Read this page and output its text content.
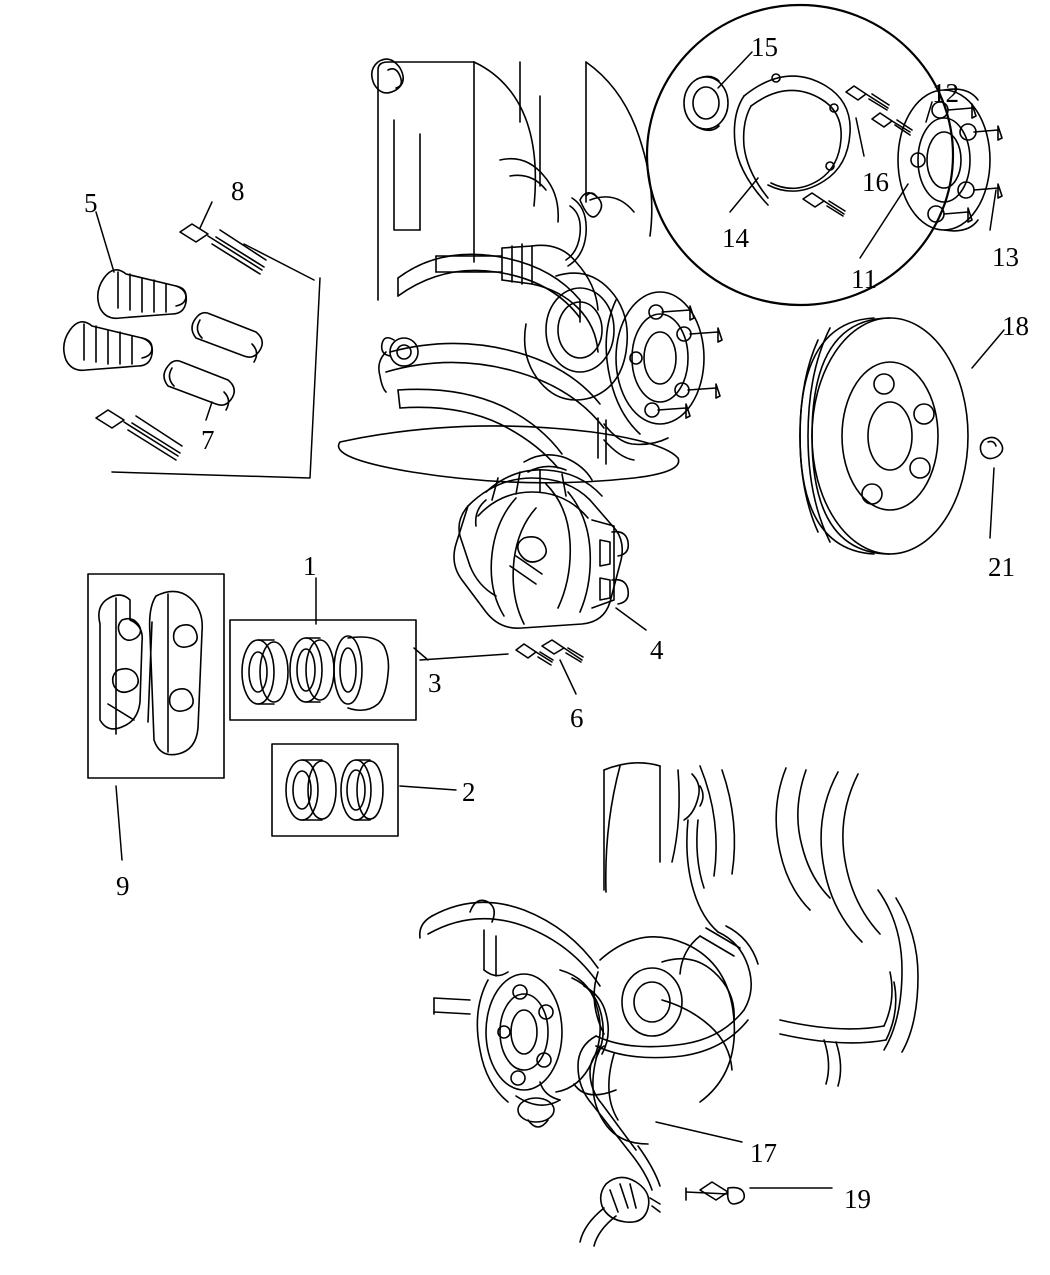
1
2
3
4
5
6
7
8
9
11
12
13
14
15
16
17
18
19
21
